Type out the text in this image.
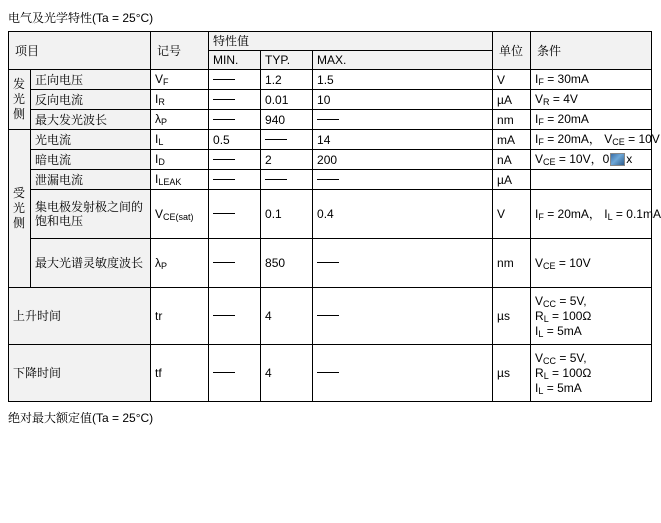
电气及光学特性(Ta = 25°C)
项目		记号	特性值			单位	条件
			MIN.	TYP.	MAX.		

发光侧	正向电压	$V_F$		1.2	1.5	V	$I_F = 30mA$
	反向电流	$I_R$		0.01	10	µA	$V_R = 4V$
	最大发光波长	$\lambda_P$		940		nm	$I_F = 20mA$

受光侧	光电流	$I_L$	0.5		14	mA	$I_F = 20mA$， $V_{CE} = 10V$
	暗电流	$I_D$		2	200	nA	$V_{CE} = 10V$，0 x
	泄漏电流	$I_{LEAK}$				µA	
	集电极发射极之间的饱和电压	$V_{CE(sat)}$		0.1	0.4	V	$I_F = 20mA$， $I_L = 0.1mA$
	最大光谱灵敏度波长	$\lambda_P$		850		nm	$V_{CE} = 10V$
上升时间		tr		4		µs	$V_{CC} = 5V$,
$R_L = 100\Omega$
$I_L = 5mA$
下降时间		tf		4		µs	$V_{CC} = 5V$,
$R_L = 100\Omega$
$I_L = 5mA$
绝对最大额定值(Ta = 25°C)
